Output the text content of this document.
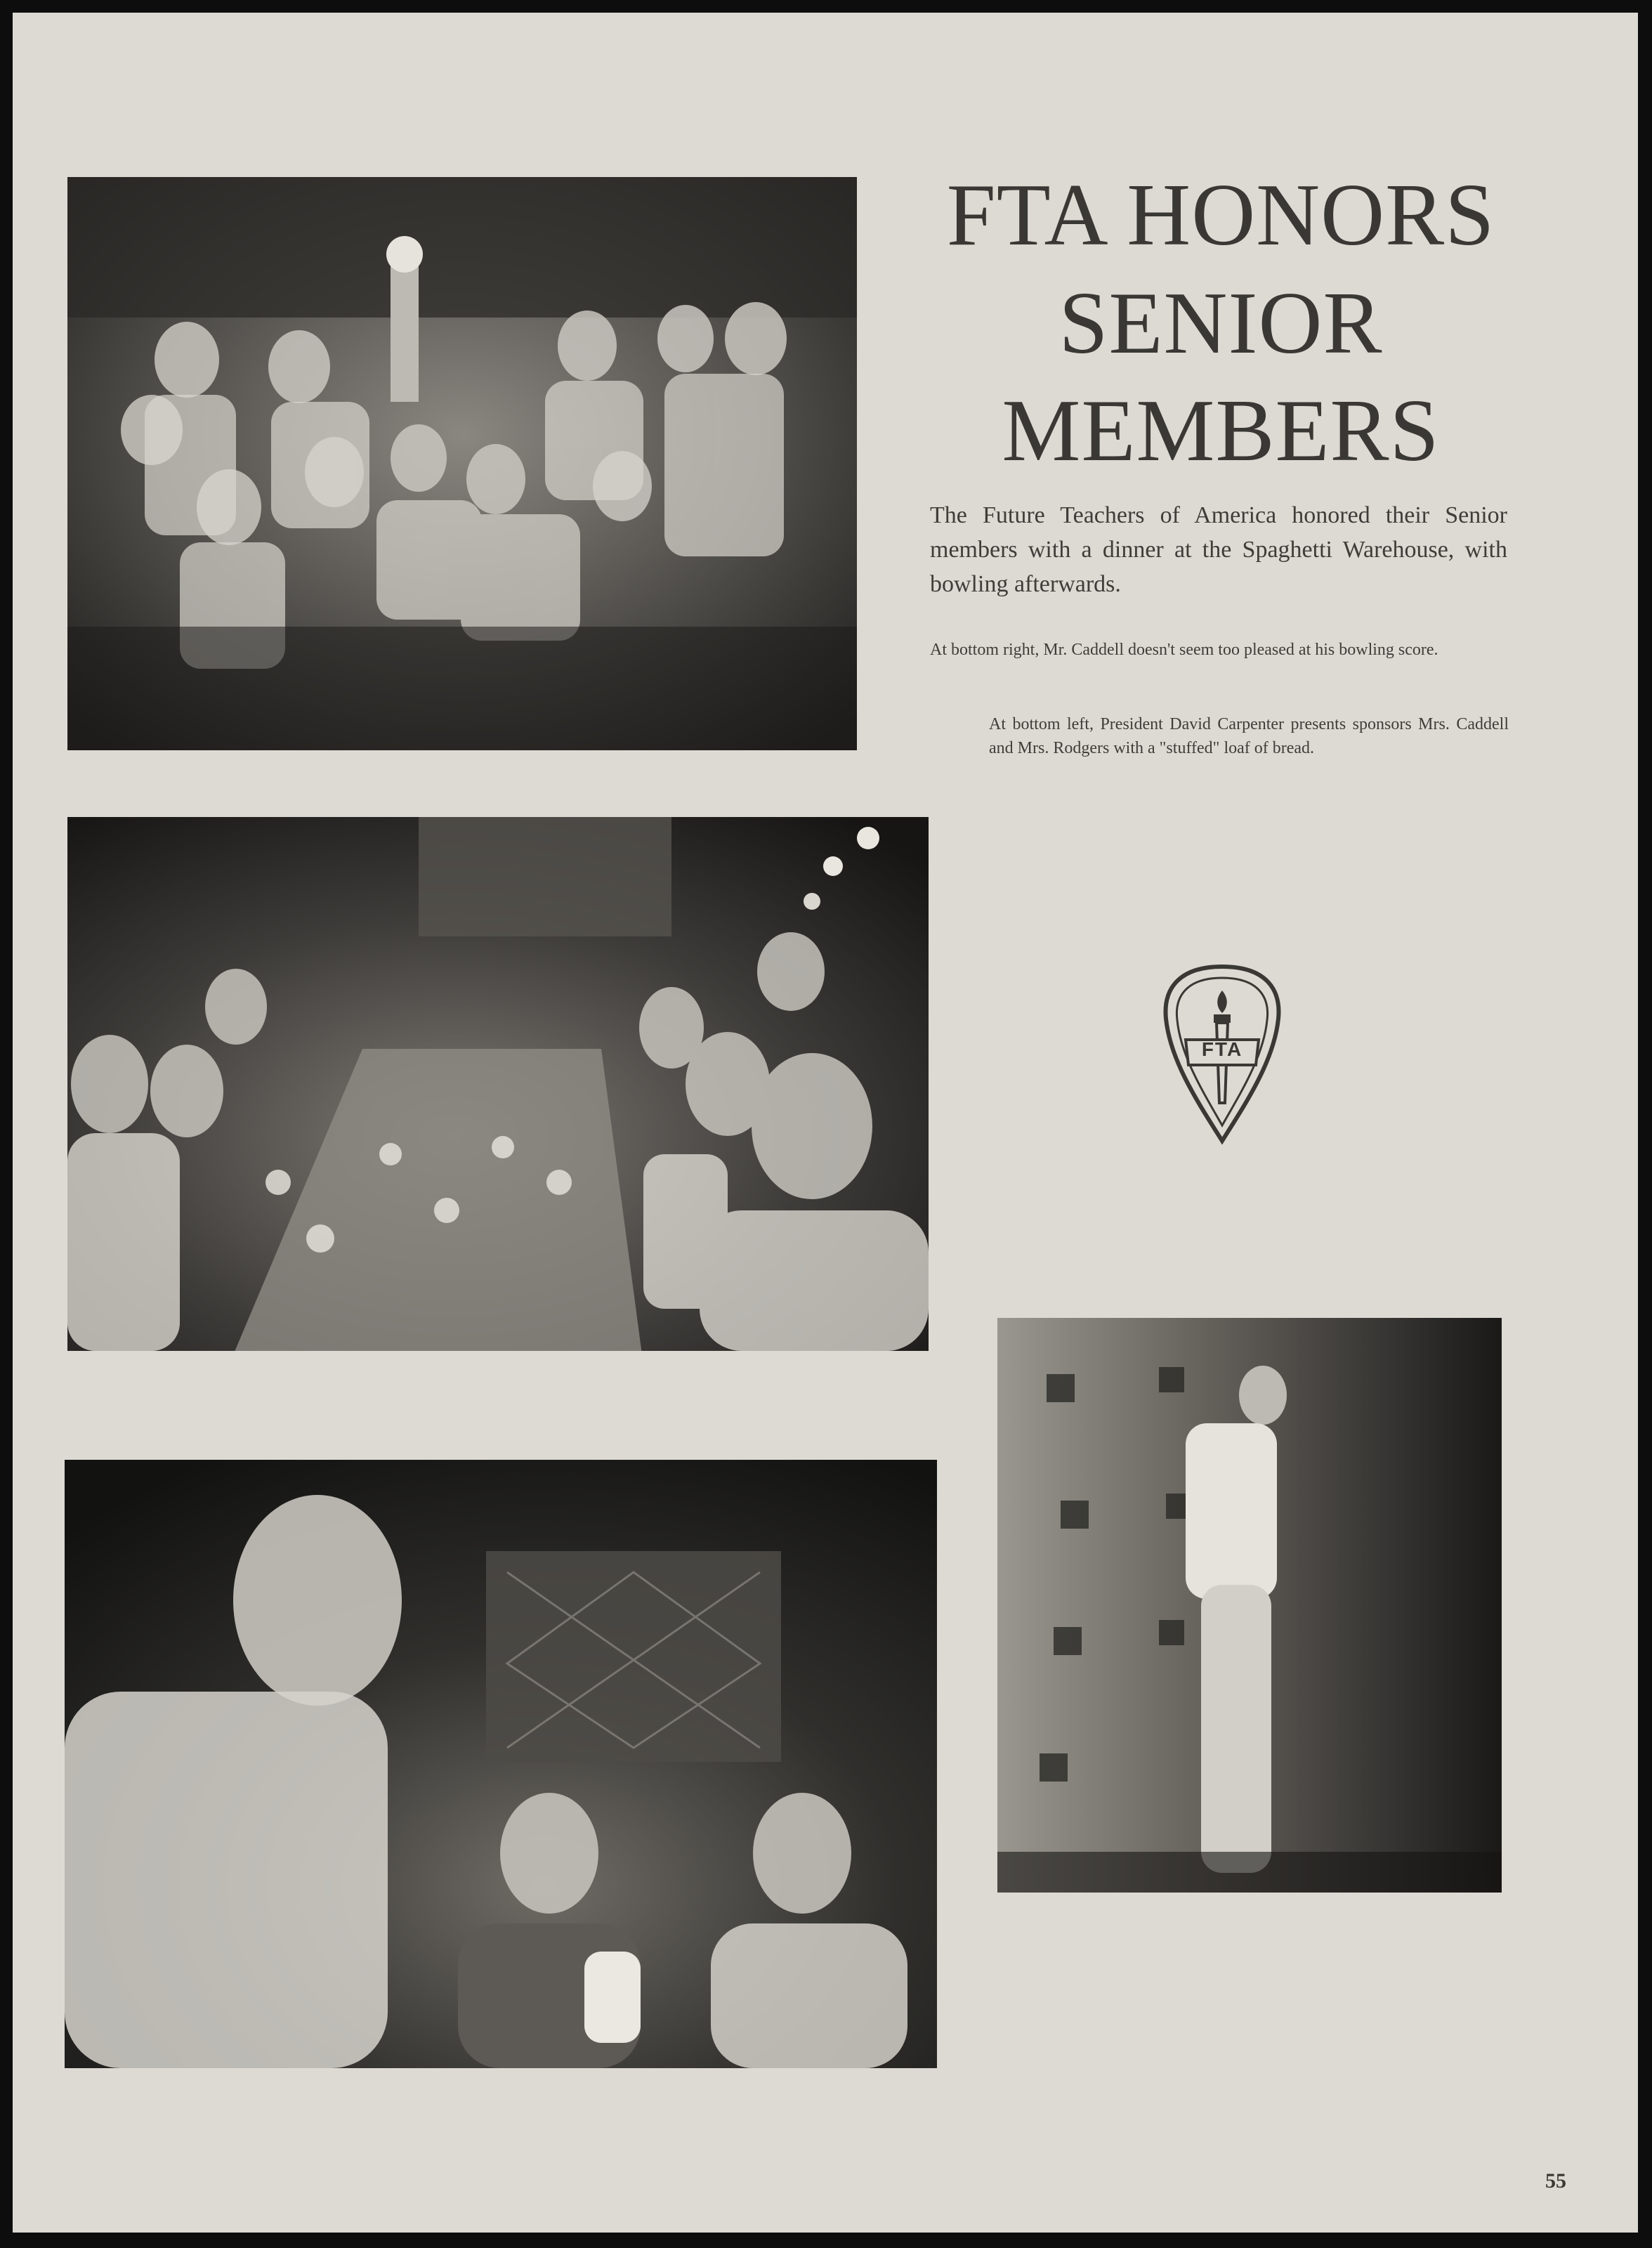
FTA HONORS
SENIOR
MEMBERS

The Future Teachers of America honored their Senior members with a dinner at the Spaghetti Warehouse, with bowling afterwards.

At bottom right, Mr. Caddell doesn't seem too pleased at his bowling score.

At bottom left, President David Carpenter presents sponsors Mrs. Caddell and Mrs. Rodgers with a "stuffed" loaf of bread.

FTA
55
